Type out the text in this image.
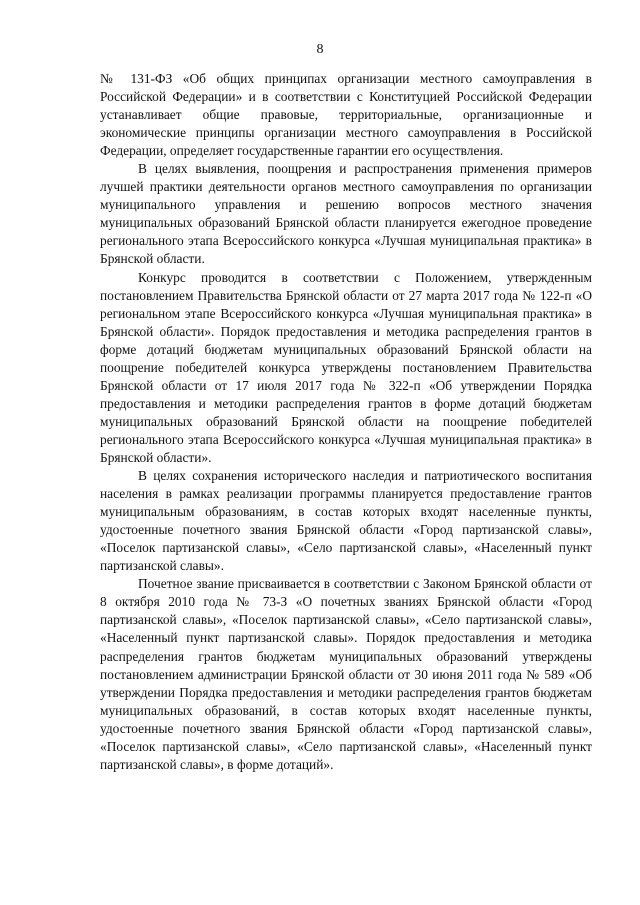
8

№ 131-ФЗ «Об общих принципах организации местного самоуправления в Российской Федерации» и в соответствии с Конституцией Российской Федерации устанавливает общие правовые, территориальные, организационные и экономические принципы организации местного самоуправления в Российской Федерации, определяет государственные гарантии его осуществления.

В целях выявления, поощрения и распространения применения примеров лучшей практики деятельности органов местного самоуправления по организации муниципального управления и решению вопросов местного значения муниципальных образований Брянской области планируется ежегодное проведение регионального этапа Всероссийского конкурса «Лучшая муниципальная практика» в Брянской области.

Конкурс проводится в соответствии с Положением, утвержденным постановлением Правительства Брянской области от 27 марта 2017 года № 122-п «О региональном этапе Всероссийского конкурса «Лучшая муниципальная практика» в Брянской области». Порядок предоставления и методика распределения грантов в форме дотаций бюджетам муниципальных образований Брянской области на поощрение победителей конкурса утверждены постановлением Правительства Брянской области от 17 июля 2017 года № 322-п «Об утверждении Порядка предоставления и методики распределения грантов в форме дотаций бюджетам муниципальных образований Брянской области на поощрение победителей регионального этапа Всероссийского конкурса «Лучшая муниципальная практика» в Брянской области».

В целях сохранения исторического наследия и патриотического воспитания населения в рамках реализации программы планируется предоставление грантов муниципальным образованиям, в состав которых входят населенные пункты, удостоенные почетного звания Брянской области «Город партизанской славы», «Поселок партизанской славы», «Село партизанской славы», «Населенный пункт партизанской славы».

Почетное звание присваивается в соответствии с Законом Брянской области от 8 октября 2010 года № 73-З «О почетных званиях Брянской области «Город партизанской славы», «Поселок партизанской славы», «Село партизанской славы», «Населенный пункт партизанской славы». Порядок предоставления и методика распределения грантов бюджетам муниципальных образований утверждены постановлением администрации Брянской области от 30 июня 2011 года № 589 «Об утверждении Порядка предоставления и методики распределения грантов бюджетам муниципальных образований, в состав которых входят населенные пункты, удостоенные почетного звания Брянской области «Город партизанской славы», «Поселок партизанской славы», «Село партизанской славы», «Населенный пункт партизанской славы», в форме дотаций».
